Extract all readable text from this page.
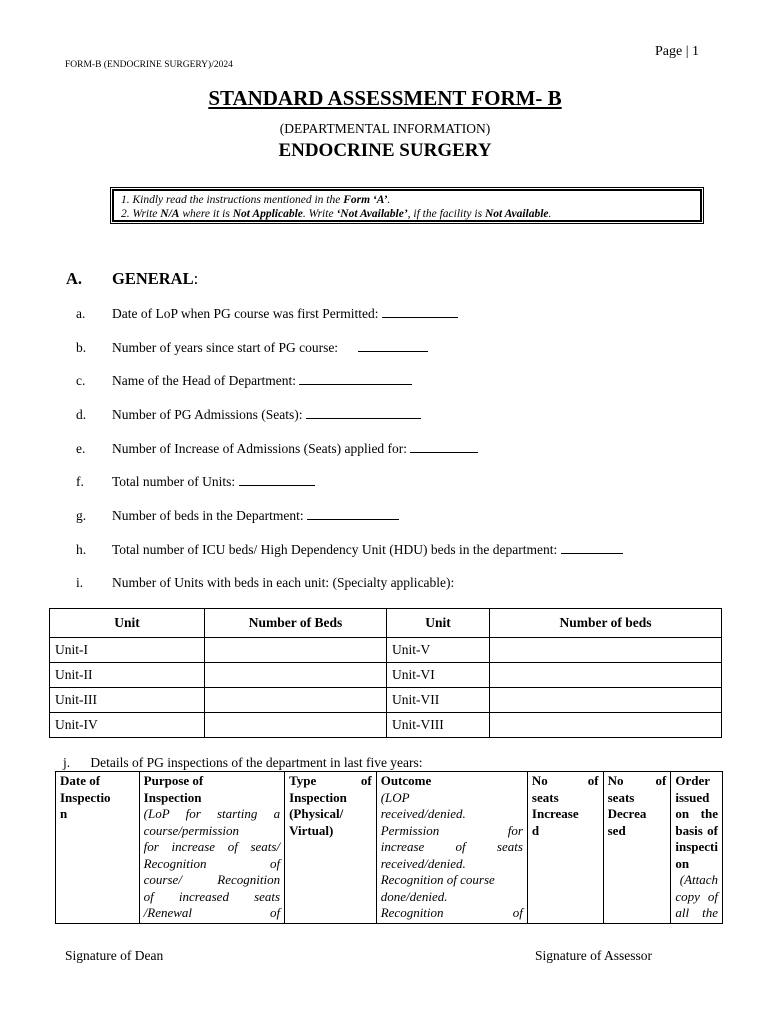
Page | 1
FORM-B (ENDOCRINE SURGERY)/2024
STANDARD ASSESSMENT FORM- B
(DEPARTMENTAL INFORMATION)
ENDOCRINE SURGERY
1. Kindly read the instructions mentioned in the Form ‘A’.
2. Write N/A where it is Not Applicable. Write ‘Not Available’, if the facility is Not Available.
A. GENERAL:
a. Date of LoP when PG course was first Permitted:
b. Number of years since start of PG course:
c. Name of the Head of Department:
d. Number of PG Admissions (Seats):
e. Number of Increase of Admissions (Seats) applied for:
f. Total number of Units:
g. Number of beds in the Department:
h. Total number of ICU beds/ High Dependency Unit (HDU) beds in the department:
i. Number of Units with beds in each unit: (Specialty applicable):
Unit	Number of Beds	Unit	Number of beds
Unit-I		Unit-V	
Unit-II		Unit-VI	
Unit-III		Unit-VII	
Unit-IV		Unit-VIII	
j.      Details of PG inspections of the department in last five years:
Date of
Inspectio
n

Purpose of
Inspection
(LoP for starting a
course/permission
for increase of seats/
Recognition of
course/ Recognition
of increased seats
/Renewal of

Type of
Inspection
(Physical/
Virtual)

Outcome
(LOP
received/denied.
Permission for
increase of seats
received/denied.
Recognition of course
done/denied.
Recognition of

No of
seats
Increase
d

No of
seats
Decrea
sed

Order
issued
on the
basis of
inspecti
on
(Attach
copy of
all the
Signature of Dean	Signature of Assessor
